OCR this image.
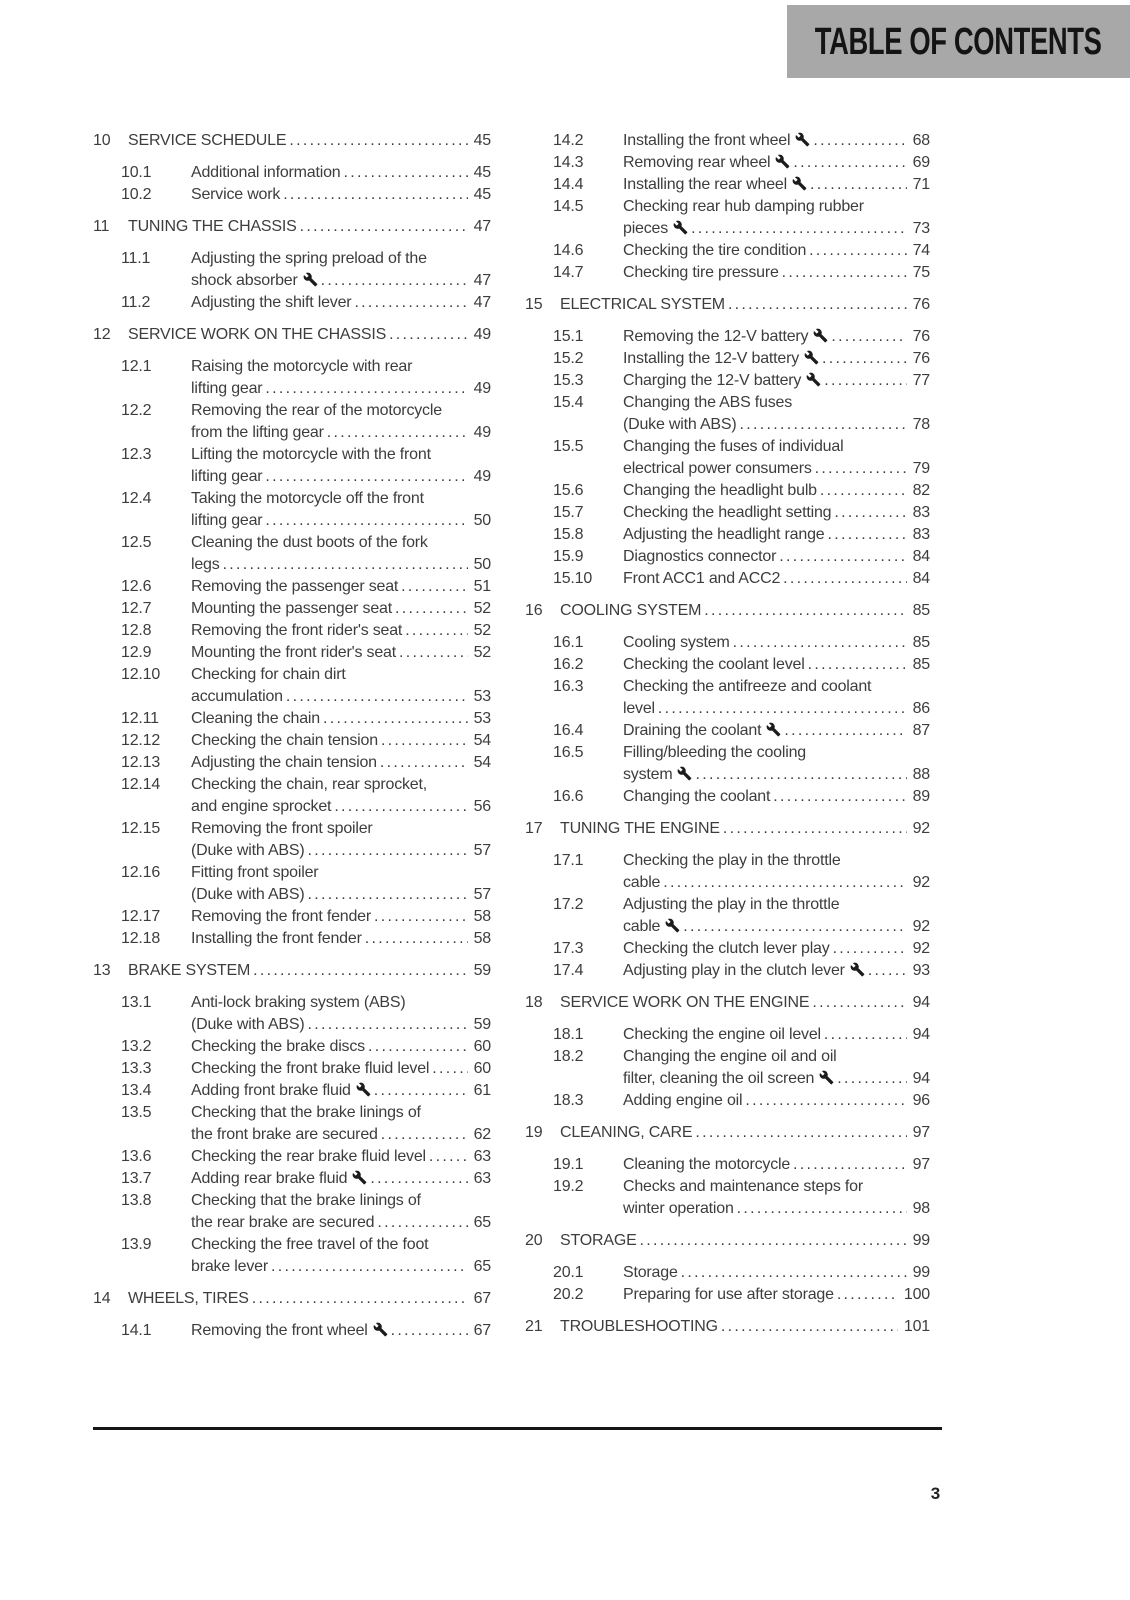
TABLE OF CONTENTS
10	SERVICE SCHEDULE .....	45
10.1	Additional information .....	45
10.2	Service work .....	45
11	TUNING THE CHASSIS .....	47
11.1	Adjusting the spring preload of the
shock absorber .....	47
11.2	Adjusting the shift lever .....	47
12	SERVICE WORK ON THE CHASSIS .....	49
12.1	Raising the motorcycle with rear
lifting gear .....	49
12.2	Removing the rear of the motorcycle
from the lifting gear .....	49
12.3	Lifting the motorcycle with the front
lifting gear .....	49
12.4	Taking the motorcycle off the front
lifting gear .....	50
12.5	Cleaning the dust boots of the fork
legs .....	50
12.6	Removing the passenger seat .....	51
12.7	Mounting the passenger seat .....	52
12.8	Removing the front rider's seat .....	52
12.9	Mounting the front rider's seat .....	52
12.10	Checking for chain dirt
accumulation .....	53
12.11	Cleaning the chain .....	53
12.12	Checking the chain tension .....	54
12.13	Adjusting the chain tension .....	54
12.14	Checking the chain, rear sprocket,
and engine sprocket .....	56
12.15	Removing the front spoiler
(Duke with ABS) .....	57
12.16	Fitting front spoiler
(Duke with ABS) .....	57
12.17	Removing the front fender .....	58
12.18	Installing the front fender .....	58
13	BRAKE SYSTEM .....	59
13.1	Anti-lock braking system (ABS)
(Duke with ABS) .....	59
13.2	Checking the brake discs .....	60
13.3	Checking the front brake fluid level .....	60
13.4	Adding front brake fluid .....	61
13.5	Checking that the brake linings of
the front brake are secured .....	62
13.6	Checking the rear brake fluid level .....	63
13.7	Adding rear brake fluid .....	63
13.8	Checking that the brake linings of
the rear brake are secured .....	65
13.9	Checking the free travel of the foot
brake lever .....	65
14	WHEELS, TIRES .....	67
14.1	Removing the front wheel .....	67
14.2	Installing the front wheel .....	68
14.3	Removing rear wheel .....	69
14.4	Installing the rear wheel .....	71
14.5	Checking rear hub damping rubber
pieces .....	73
14.6	Checking the tire condition .....	74
14.7	Checking tire pressure .....	75
15	ELECTRICAL SYSTEM .....	76
15.1	Removing the 12-V battery .....	76
15.2	Installing the 12-V battery .....	76
15.3	Charging the 12-V battery .....	77
15.4	Changing the ABS fuses
(Duke with ABS) .....	78
15.5	Changing the fuses of individual
electrical power consumers .....	79
15.6	Changing the headlight bulb .....	82
15.7	Checking the headlight setting .....	83
15.8	Adjusting the headlight range .....	83
15.9	Diagnostics connector .....	84
15.10	Front ACC1 and ACC2 .....	84
16	COOLING SYSTEM .....	85
16.1	Cooling system .....	85
16.2	Checking the coolant level .....	85
16.3	Checking the antifreeze and coolant
level .....	86
16.4	Draining the coolant .....	87
16.5	Filling/bleeding the cooling
system .....	88
16.6	Changing the coolant .....	89
17	TUNING THE ENGINE .....	92
17.1	Checking the play in the throttle
cable .....	92
17.2	Adjusting the play in the throttle
cable .....	92
17.3	Checking the clutch lever play .....	92
17.4	Adjusting play in the clutch lever .....	93
18	SERVICE WORK ON THE ENGINE .....	94
18.1	Checking the engine oil level .....	94
18.2	Changing the engine oil and oil
filter, cleaning the oil screen .....	94
18.3	Adding engine oil .....	96
19	CLEANING, CARE .....	97
19.1	Cleaning the motorcycle .....	97
19.2	Checks and maintenance steps for
winter operation .....	98
20	STORAGE .....	99
20.1	Storage .....	99
20.2	Preparing for use after storage .....	100
21	TROUBLESHOOTING .....	101
3
